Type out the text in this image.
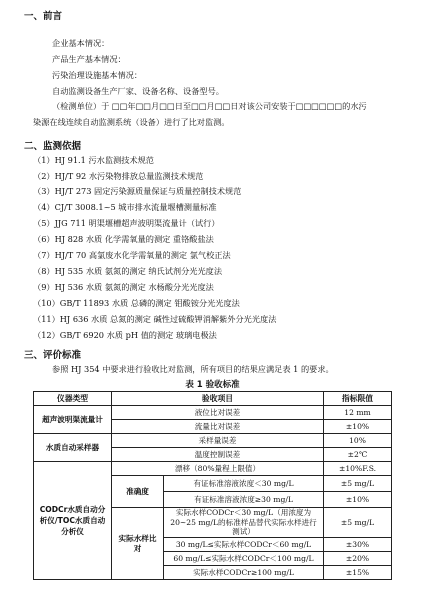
一、前言
企业基本情况：
产品生产基本情况：
污染治理设施基本情况：
自动监测设备生产厂家、设备名称、设备型号。
（检测单位）于 □□年□□月□□日至□□月□□日对该公司安装于□□□□□□的水污
染源在线连续自动监测系统（设备）进行了比对监测。
二、监测依据
（1）HJ 91.1 污水监测技术规范
（2）HJ/T 92 水污染物排放总量监测技术规范
（3）HJ/T 273 固定污染源质量保证与质量控制技术规范
（4）CJ/T 3008.1~5 城市排水流量堰槽测量标准
（5）JJG 711 明渠堰槽超声波明渠流量计（试行）
（6）HJ 828 水质 化学需氧量的测定 重铬酸盐法
（7）HJ/T 70 高氯废水化学需氧量的测定 氯气校正法
（8）HJ 535 水质 氨氮的测定 纳氏试剂分光光度法
（9）HJ 536 水质 氨氮的测定 水杨酸分光光度法
（10）GB/T 11893 水质 总磷的测定 钼酸铵分光光度法
（11）HJ 636 水质 总氮的测定 碱性过硫酸钾消解紫外分光光度法
（12）GB/T 6920 水质 pH 值的测定 玻璃电极法
三、评价标准
参照 HJ 354 中要求进行验收比对监测，所有项目的结果应满足表 1 的要求。
表 1 验收标准
仪器类型	验收项目		指标限值
超声波明渠流量计	液位比对误差		12 mm
	流量比对误差		±10%
水质自动采样器	采样量误差		10%
	温度控制误差		±2℃
CODCr水质自动分析仪/TOC水质自动分析仪	漂移（80%量程上限值）		±10%F.S.
	准确度	有证标准溶液浓度＜30 mg/L	±5 mg/L
		有证标准溶液浓度≥30 mg/L	±10%
	实际水样比对	实际水样CODCr＜30 mg/L（用浓度为20~25 mg/L的标准样品替代实际水样进行测试）	±5 mg/L
		30 mg/L≤实际水样CODCr＜60 mg/L	±30%
		60 mg/L≤实际水样CODCr＜100 mg/L	±20%
		实际水样CODCr≥100 mg/L	±15%
